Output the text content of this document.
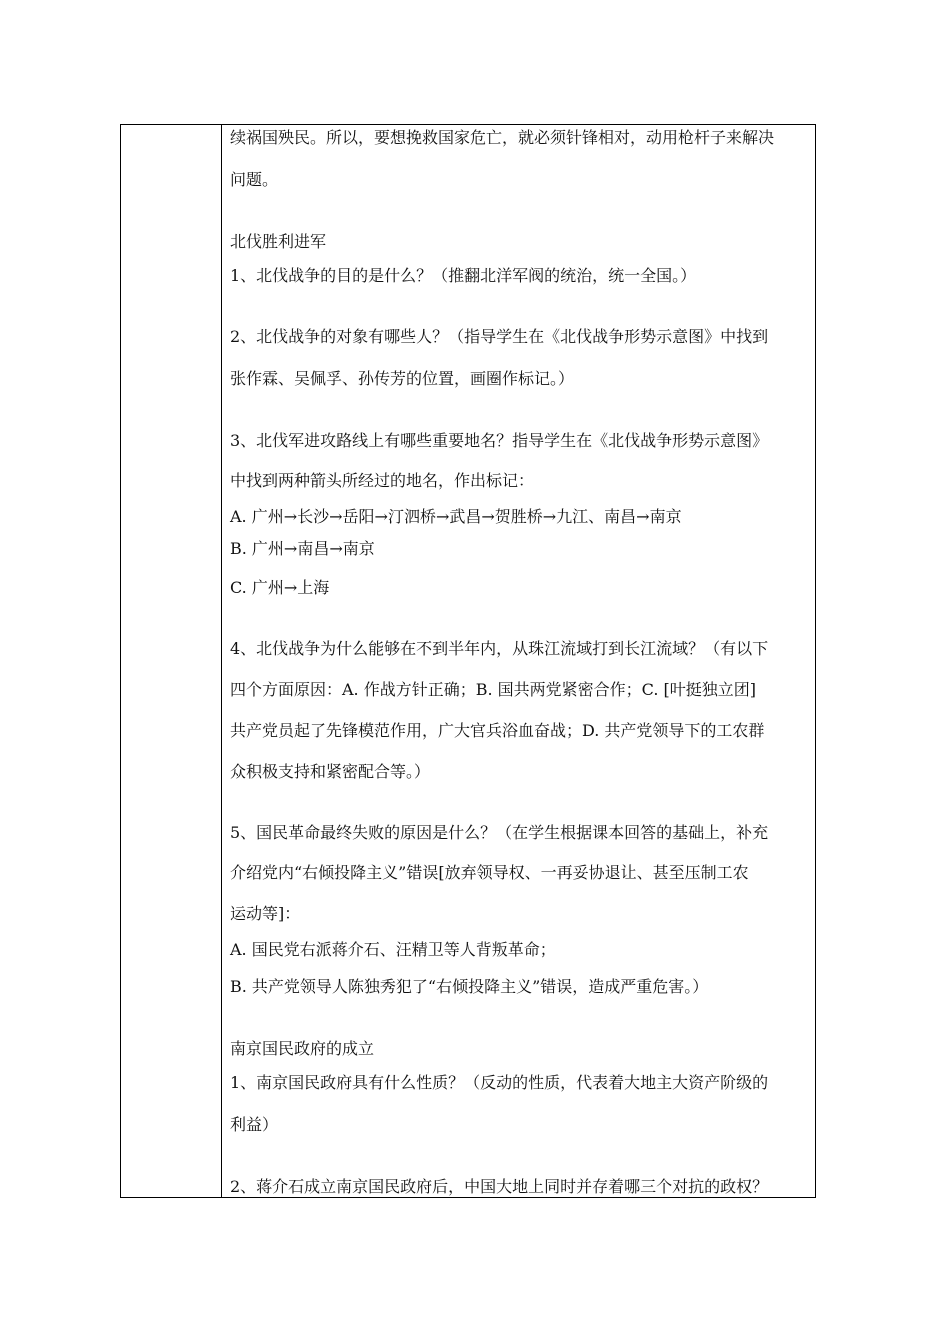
续祸国殃民。所以，要想挽救国家危亡，就必须针锋相对，动用枪杆子来解决
问题。
北伐胜利进军
1、北伐战争的目的是什么？（推翻北洋军阀的统治，统一全国。）
2、北伐战争的对象有哪些人？（指导学生在《北伐战争形势示意图》中找到
张作霖、吴佩孚、孙传芳的位置，画圈作标记。）
3、北伐军进攻路线上有哪些重要地名？指导学生在《北伐战争形势示意图》
中找到两种箭头所经过的地名，作出标记：
A. 广州→长沙→岳阳→汀泗桥→武昌→贺胜桥→九江、南昌→南京
B. 广州→南昌→南京
C. 广州→上海
4、北伐战争为什么能够在不到半年内，从珠江流域打到长江流域？（有以下
四个方面原因：A. 作战方针正确；B. 国共两党紧密合作；C. [叶挺独立团]
共产党员起了先锋模范作用，广大官兵浴血奋战；D. 共产党领导下的工农群
众积极支持和紧密配合等。）
5、国民革命最终失败的原因是什么？（在学生根据课本回答的基础上，补充
介绍党内“右倾投降主义”错误[放弃领导权、一再妥协退让、甚至压制工农
运动等]：
A. 国民党右派蒋介石、汪精卫等人背叛革命；
B. 共产党领导人陈独秀犯了“右倾投降主义”错误，造成严重危害。）
南京国民政府的成立
1、南京国民政府具有什么性质？（反动的性质，代表着大地主大资产阶级的
利益）
2、蒋介石成立南京国民政府后，中国大地上同时并存着哪三个对抗的政权？
